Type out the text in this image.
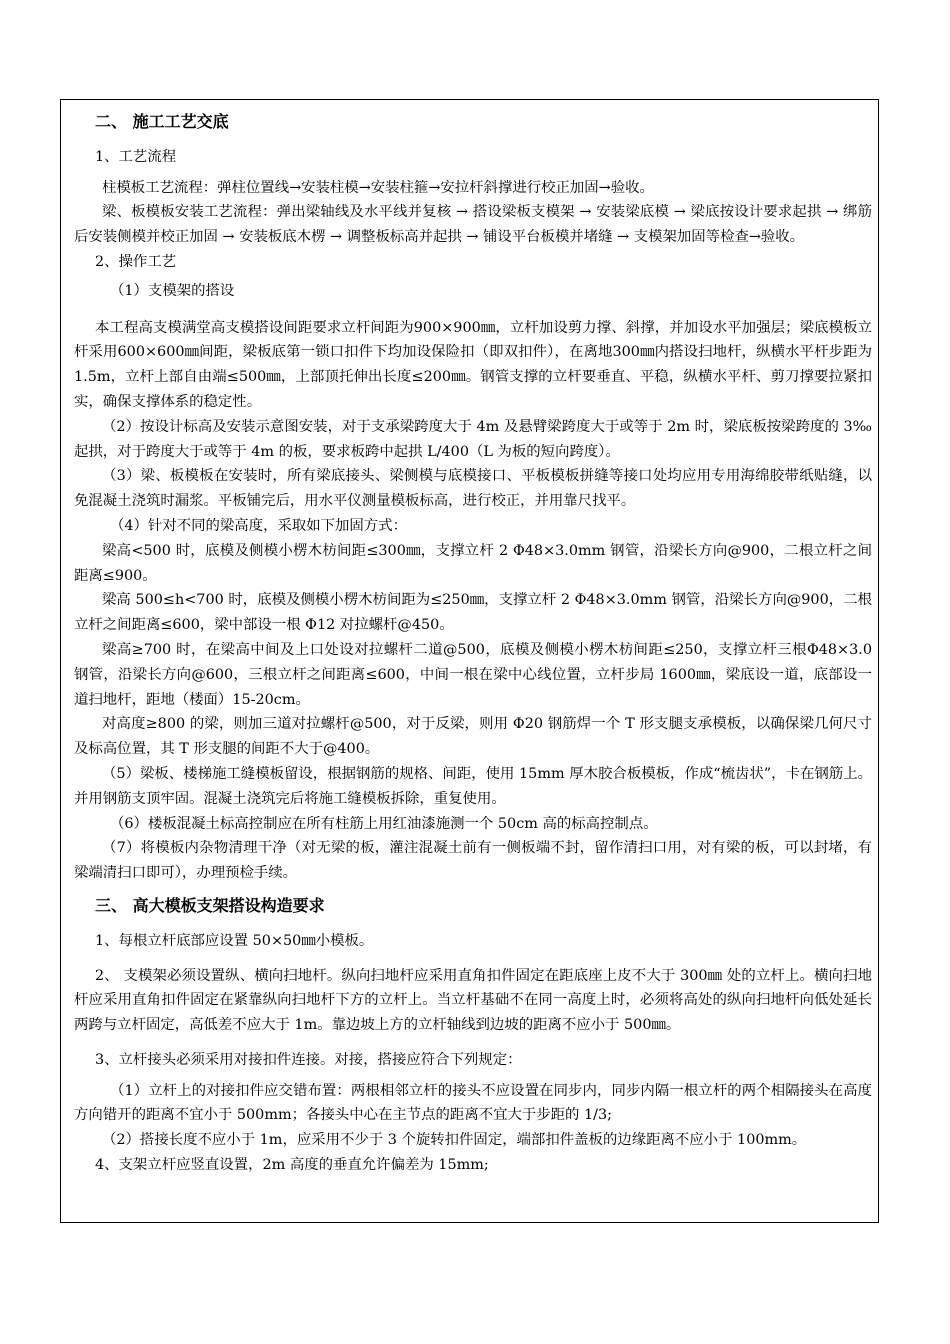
二、 施工工艺交底

1、工艺流程

柱模板工艺流程：弹柱位置线→安装柱模→安装柱箍→安拉杆斜撑进行校正加固→验收。

梁、板模板安装工艺流程：弹出梁轴线及水平线并复核 → 搭设梁板支模架 → 安装梁底模 → 梁底按设计要求起拱 → 绑筋后安装侧模并校正加固 → 安装板底木楞 → 调整板标高并起拱 → 铺设平台板模并堵缝 → 支模架加固等检查→验收。

2、操作工艺

（1）支模架的搭设

本工程高支模满堂高支模搭设间距要求立杆间距为900×900㎜，立杆加设剪力撑、斜撑，并加设水平加强层；梁底模板立杆采用600×600㎜间距，梁板底第一锁口扣件下均加设保险扣（即双扣件），在离地300㎜内搭设扫地杆，纵横水平杆步距为1.5m，立杆上部自由端≤500㎜，上部顶托伸出长度≤200㎜。钢管支撑的立杆要垂直、平稳，纵横水平杆、剪刀撑要拉紧扣实，确保支撑体系的稳定性。

（2）按设计标高及安装示意图安装，对于支承梁跨度大于 4m 及悬臂梁跨度大于或等于 2m 时，梁底板按梁跨度的 3‰起拱，对于跨度大于或等于 4m 的板，要求板跨中起拱 L/400（L 为板的短向跨度）。

（3）梁、板模板在安装时，所有梁底接头、梁侧模与底模接口、平板模板拼缝等接口处均应用专用海绵胶带纸贴缝，以免混凝土浇筑时漏浆。平板铺完后，用水平仪测量模板标高，进行校正，并用靠尺找平。

（4）针对不同的梁高度，采取如下加固方式：

梁高<500 时，底模及侧模小楞木枋间距≤300㎜，支撑立杆 2 Φ48×3.0mm 钢管，沿梁长方向@900，二根立杆之间距离≤900。

梁高 500≤h<700 时，底模及侧模小楞木枋间距为≤250㎜，支撑立杆 2 Φ48×3.0mm 钢管，沿梁长方向@900，二根立杆之间距离≤600，梁中部设一根 Φ12 对拉螺杆@450。

梁高≥700 时，在梁高中间及上口处设对拉螺杆二道@500，底模及侧模小楞木枋间距≤250，支撑立杆三根Φ48×3.0 钢管，沿梁长方向@600，三根立杆之间距离≤600，中间一根在梁中心线位置，立杆步局 1600㎜，梁底设一道，底部设一道扫地杆，距地（楼面）15-20cm。

对高度≥800 的梁，则加三道对拉螺杆@500，对于反梁，则用 Φ20 钢筋焊一个 T 形支腿支承模板，以确保梁几何尺寸及标高位置，其 T 形支腿的间距不大于@400。

（5）梁板、楼梯施工缝模板留设，根据钢筋的规格、间距，使用 15mm 厚木胶合板模板，作成“梳齿状”，卡在钢筋上。并用钢筋支顶牢固。混凝土浇筑完后将施工缝模板拆除，重复使用。

（6）楼板混凝土标高控制应在所有柱筋上用红油漆施测一个 50cm 高的标高控制点。

（7）将模板内杂物清理干净（对无梁的板，灌注混凝土前有一侧板端不封，留作清扫口用，对有梁的板，可以封堵，有梁端清扫口即可），办理预检手续。

三、 高大模板支架搭设构造要求

1、每根立杆底部应设置 50×50㎜小模板。

2、 支模架必须设置纵、横向扫地杆。纵向扫地杆应采用直角扣件固定在距底座上皮不大于 300㎜ 处的立杆上。横向扫地杆应采用直角扣件固定在紧靠纵向扫地杆下方的立杆上。当立杆基础不在同一高度上时，必须将高处的纵向扫地杆向低处延长两跨与立杆固定，高低差不应大于 1m。靠边坡上方的立杆轴线到边坡的距离不应小于 500㎜。

3、立杆接头必须采用对接扣件连接。对接，搭接应符合下列规定：

（1）立杆上的对接扣件应交错布置：两根相邻立杆的接头不应设置在同步内，同步内隔一根立杆的两个相隔接头在高度方向错开的距离不宜小于 500mm；各接头中心在主节点的距离不宜大于步距的 1/3;

（2）搭接长度不应小于 1m，应采用不少于 3 个旋转扣件固定，端部扣件盖板的边缘距离不应小于 100mm。

4、支架立杆应竖直设置，2m 高度的垂直允许偏差为 15mm;
